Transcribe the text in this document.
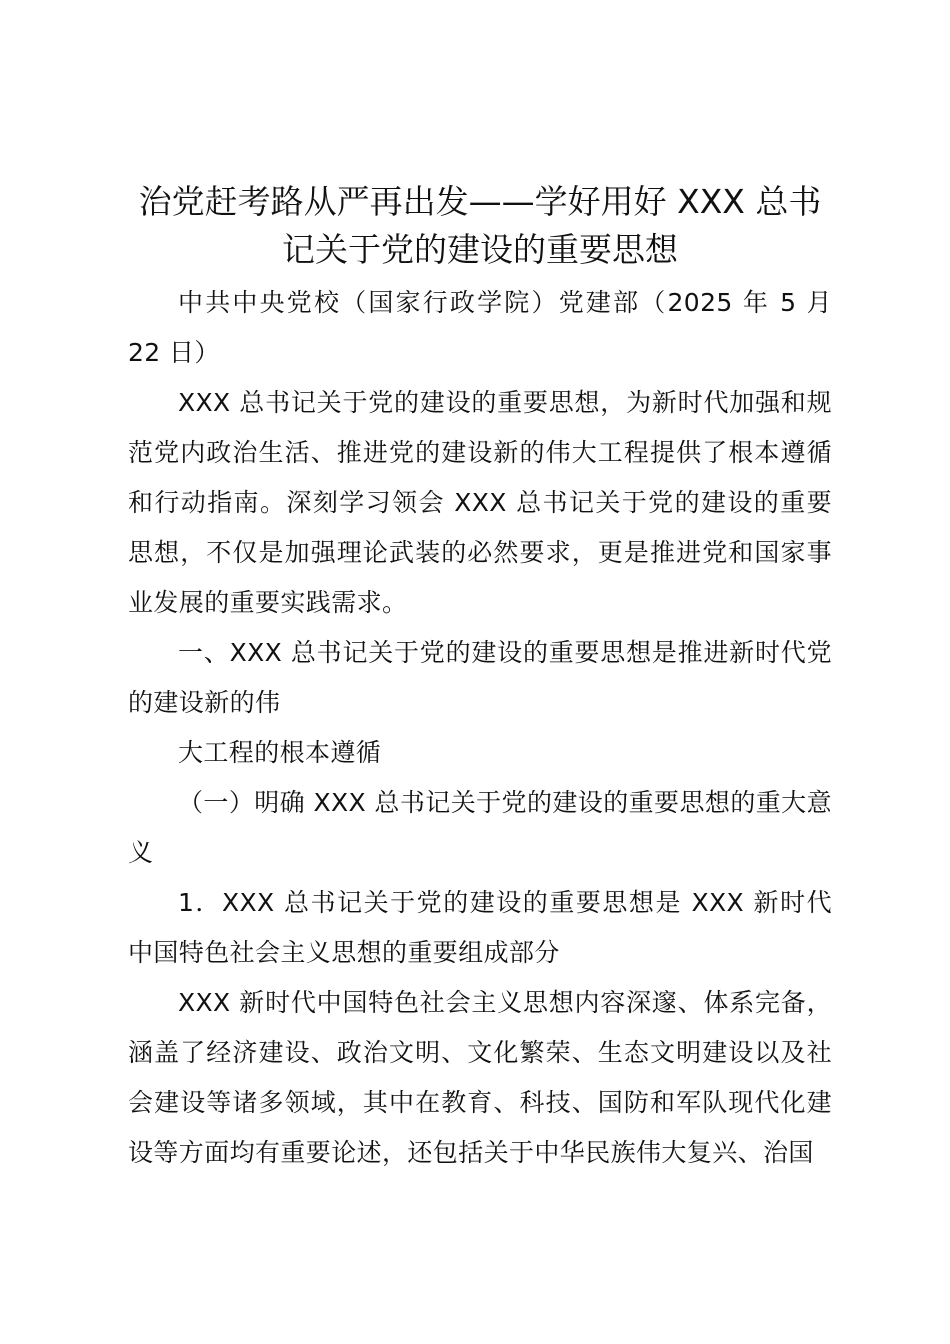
治党赶考路从严再出发——学好用好 XXX 总书记关于党的建设的重要思想

中共中央党校（国家行政学院）党建部（2025 年 5 月 22 日）

XXX 总书记关于党的建设的重要思想，为新时代加强和规范党内政治生活、推进党的建设新的伟大工程提供了根本遵循和行动指南。深刻学习领会 XXX 总书记关于党的建设的重要思想，不仅是加强理论武装的必然要求，更是推进党和国家事业发展的重要实践需求。

一、XXX 总书记关于党的建设的重要思想是推进新时代党的建设新的伟

大工程的根本遵循

（一）明确 XXX 总书记关于党的建设的重要思想的重大意义

1．XXX 总书记关于党的建设的重要思想是 XXX 新时代中国特色社会主义思想的重要组成部分

XXX 新时代中国特色社会主义思想内容深邃、体系完备，涵盖了经济建设、政治文明、文化繁荣、生态文明建设以及社会建设等诸多领域，其中在教育、科技、国防和军队现代化建设等方面均有重要论述，还包括关于中华民族伟大复兴、治国
